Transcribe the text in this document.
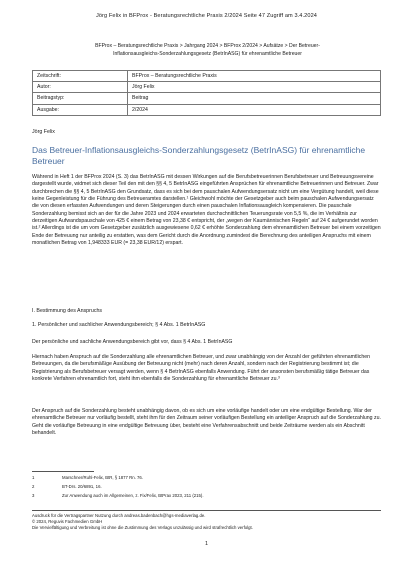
Jörg Felix in BFProx - Beratungsrechtliche Praxis 2/2024 Seite 47 Zugriff am 3.4.2024
BFProx – Beratungsrechtliche Praxis > Jahrgang 2024 > BFProx 2/2024 > Aufsätze > Der Betreuer-
Inflationsausgleichs-Sonderzahlungsgesetz (BetrInASG) für ehrenamtliche Betreuer
Zeitschrift:	BFProx – Beratungsrechtliche Praxis
Autor:	Jörg Felix
Beitragstyp:	Beitrag
Ausgabe:	2/2024
Jörg Felix
Das Betreuer-Inflationsausgleichs-Sonderzahlungsgesetz (BetrInASG) für ehrenamtliche Betreuer
Während in Heft 1 der BFProx 2024 (S. 3) das BetrInASG mit dessen Wirkungen auf die Berufsbetreuerinnen Berufsbetreuer und Betreuungsvereine dargestellt wurde, widmet sich dieser Teil den mit den §§ 4, 5 BetrInASG eingeführten Ansprüchen für ehrenamtliche Betreuerinnen und Betreuer. Zwar durchbrechen die §§ 4, 5 BetrInASG den Grundsatz, dass es sich bei dem pauschalen Aufwendungsersatz nicht um eine Vergütung handelt, weil diese keine Gegenleistung für die Führung des Betreueramtes darstellen.¹ Gleichwohl möchte der Gesetzgeber auch beim pauschalen Aufwendungsersatz die von diesen erfassten Aufwendungen und deren Steigerungen durch einen pauschalen Inflationsausgleich kompensieren. Die pauschale Sonderzahlung bemisst sich an der für die Jahre 2023 und 2024 erwarteten durchschnittlichen Teuerungsrate von 5,5 %, die im Verhältnis zur derzeitigen Aufwandspauschale von 425 € einem Betrag von 23,38 € entspricht, der „wegen der Kaumännischen Regeln“ auf 24 € aufgerundet worden ist.² Allerdings ist die um vom Gesetzgeber zusätzlich ausgewiesene 0,62 € erhöhte Sonderzahlung dem ehrenamtlichen Betreuer bei einem vorzeitigen Ende der Betreuung nur anteilig zu erstatten, was dem Gericht durch die Anordnung zumindest die Berechnung des anteiligen Anspruchs mit einem monatlichen Betrag von 1,948333 EUR (= 23,38 EUR/12) erspart.
I. Bestimmung des Anspruchs
1. Persönlicher und sachlicher Anwendungsbereich; § 4 Abs. 1 BetrInASG
Der persönliche und sachliche Anwendungsbereich gibt vor, dass § 4 Abs. 1 BetrInASG
Hiernach haben Anspruch auf die Sonderzahlung alle ehrenamtlichen Betreuer, und zwar unabhängig von der Anzahl der geführten ehrenamtlichen Betreuungen, da die berufsmäßige Ausübung der Betreuung nicht (mehr) nach deren Anzahl, sondern nach der Registrierung bestimmt ist; die Registrierung als Berufsbetreuer versagt werden, wenn § 4 BetrInASG ebenfalls Anwendung. Führt der ansonsten berufsmäßig tätige Betreuer das konkrete Verfahren ehrenamtlich fort, steht ihm ebenfalls die Sonderzahlung für ehrenamtliche Betreuer zu.³
Der Anspruch auf die Sonderzahlung besteht unabhängig davon, ob es sich um eine vorläufige handelt oder um eine endgültige Bestellung. War der ehrenamtliche Betreuer nur vorläufig bestellt, steht ihm für den Zeitraum seiner vorläufigen Bestellung ein anteiliger Anspruch auf die Sonderzahlung zu. Geht die vorläufige Betreuung in eine endgültige Betreuung über, besteht eine Verfahrensabschnitt und beide Zeiträume werden als ein Abschnitt behandelt.
1	Marschner/Ruhl-Felix, BtR, § 1877 Rn. 76.
2	BT-Drs. 20/6891, 16.
3	Zur Anwendung auch im Allgemeinen, z. Fix/Felix, BtPrax 2023, 211 (215).
Ausdruck für die Vertragspartner Nutzung durch andreas.badenbach@hgs-mediaverlag.de.
© 2024, Reguvis Fachmedien GmbH
Die Vervielfältigung und Verbreitung ist ohne die Zustimmung des Verlags unzulässig und wird strafrechtlich verfolgt.
1
